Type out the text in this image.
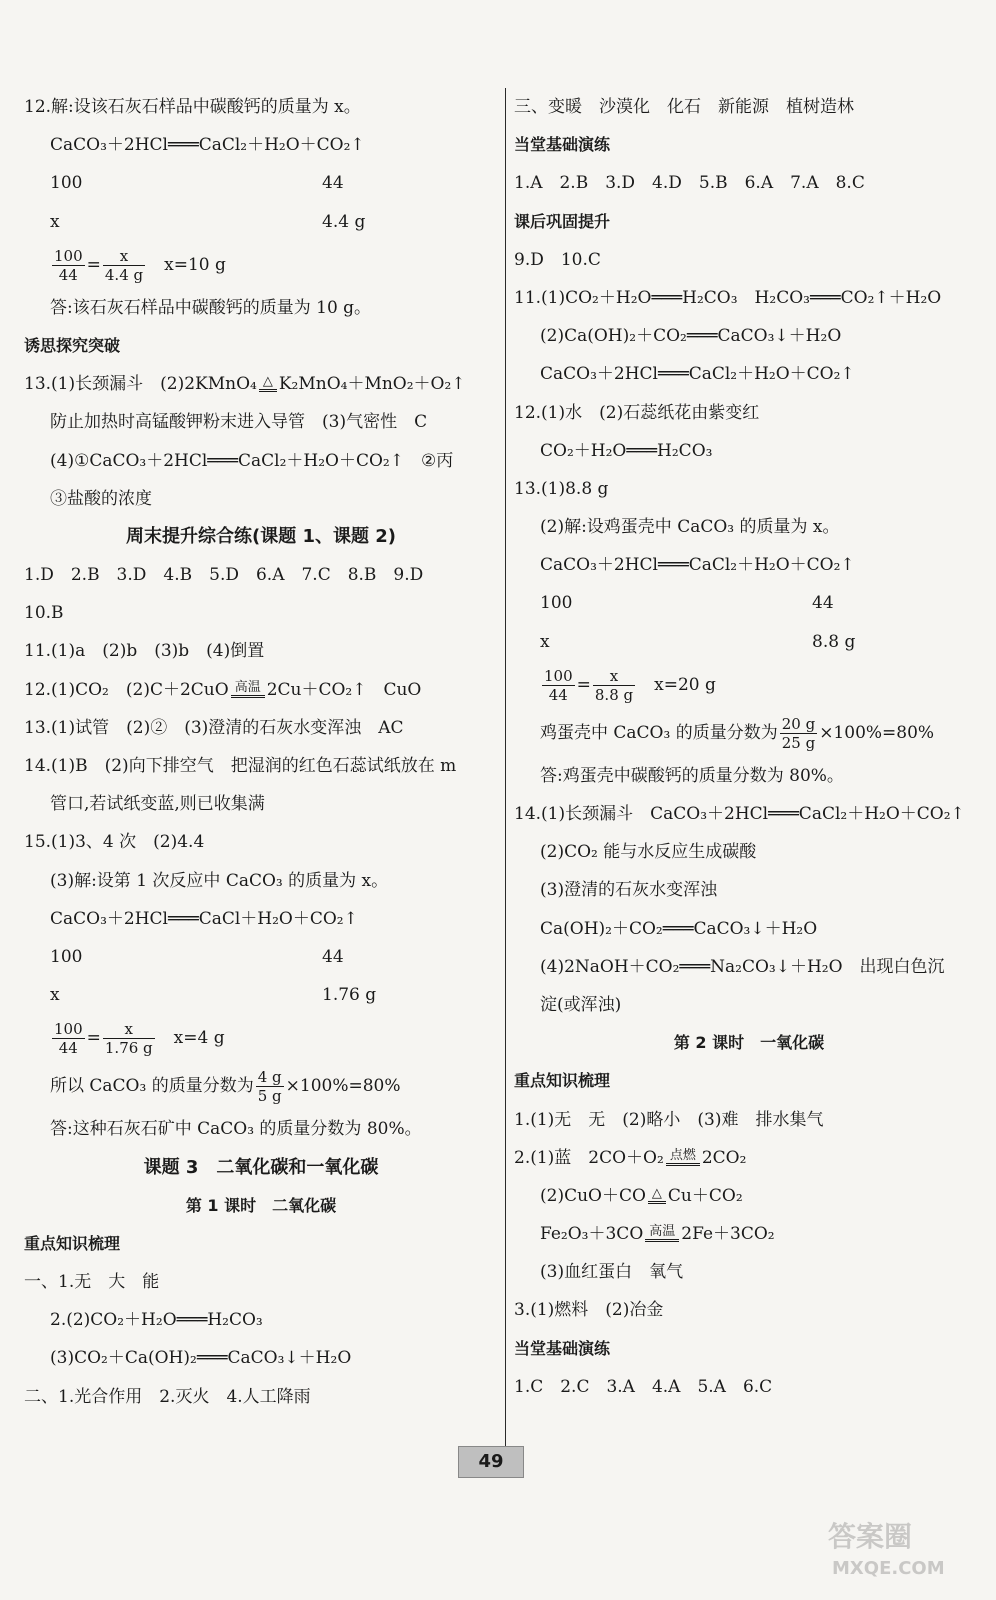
12.解:设该石灰石样品中碳酸钙的质量为 x。
CaCO₃＋2HCl═══CaCl₂＋H₂O＋CO₂↑
100	44
x	4.4 g
$\frac{100}{44} = \frac{x}{4.4 g}$ 　x=10 g
答:该石灰石样品中碳酸钙的质量为 10 g。
诱思探究突破
13.(1)长颈漏斗　(2)2KMnO₄ △ K₂MnO₄＋MnO₂＋O₂↑
防止加热时高锰酸钾粉末进入导管　(3)气密性　C
(4)①CaCO₃＋2HCl═══CaCl₂＋H₂O＋CO₂↑　②丙
③盐酸的浓度
周末提升综合练(课题 1、课题 2)
1.D　2.B　3.D　4.B　5.D　6.A　7.C　8.B　9.D
10.B
11.(1)a　(2)b　(3)b　(4)倒置
12.(1)CO₂　(2)C＋2CuO 高温 2Cu＋CO₂↑　CuO
13.(1)试管　(2)②　(3)澄清的石灰水变浑浊　AC
14.(1)B　(2)向下排空气　把湿润的红色石蕊试纸放在 m
管口,若试纸变蓝,则已收集满
15.(1)3、4 次　(2)4.4
(3)解:设第 1 次反应中 CaCO₃ 的质量为 x。
CaCO₃＋2HCl═══CaCl＋H₂O＋CO₂↑
100	44
x	1.76 g
$\frac{100}{44} = \frac{x}{1.76 g}$ 　x=4 g
所以 CaCO₃ 的质量分数为 $\frac{4 g}{5 g} \times 100\%=80\%$
答:这种石灰石矿中 CaCO₃ 的质量分数为 80%。
课题 3　二氧化碳和一氧化碳
第 1 课时　二氧化碳
重点知识梳理
一、1.无　大　能
2.(2)CO₂＋H₂O═══H₂CO₃
(3)CO₂＋Ca(OH)₂═══CaCO₃↓＋H₂O
二、1.光合作用　2.灭火　4.人工降雨
三、变暖　沙漠化　化石　新能源　植树造林
当堂基础演练
1.A　2.B　3.D　4.D　5.B　6.A　7.A　8.C
课后巩固提升
9.D　10.C
11.(1)CO₂＋H₂O═══H₂CO₃　H₂CO₃═══CO₂↑＋H₂O
(2)Ca(OH)₂＋CO₂═══CaCO₃↓＋H₂O
CaCO₃＋2HCl═══CaCl₂＋H₂O＋CO₂↑
12.(1)水　(2)石蕊纸花由紫变红
CO₂＋H₂O═══H₂CO₃
13.(1)8.8 g
(2)解:设鸡蛋壳中 CaCO₃ 的质量为 x。
CaCO₃＋2HCl═══CaCl₂＋H₂O＋CO₂↑
100	44
x	8.8 g
$\frac{100}{44} = \frac{x}{8.8 g}$ 　x=20 g
鸡蛋壳中 CaCO₃ 的质量分数为 $\frac{20 g}{25 g} \times 100\%=80\%$
答:鸡蛋壳中碳酸钙的质量分数为 80%。
14.(1)长颈漏斗　CaCO₃＋2HCl═══CaCl₂＋H₂O＋CO₂↑
(2)CO₂ 能与水反应生成碳酸
(3)澄清的石灰水变浑浊
Ca(OH)₂＋CO₂═══CaCO₃↓＋H₂O
(4)2NaOH＋CO₂═══Na₂CO₃↓＋H₂O　出现白色沉
淀(或浑浊)
第 2 课时　一氧化碳
重点知识梳理
1.(1)无　无　(2)略小　(3)难　排水集气
2.(1)蓝　2CO＋O₂ 点燃 2CO₂
(2)CuO＋CO △ Cu＋CO₂
Fe₂O₃＋3CO 高温 2Fe＋3CO₂
(3)血红蛋白　氧气
3.(1)燃料　(2)冶金
当堂基础演练
1.C　2.C　3.A　4.A　5.A　6.C
49
答案圈
MXQE.COM
